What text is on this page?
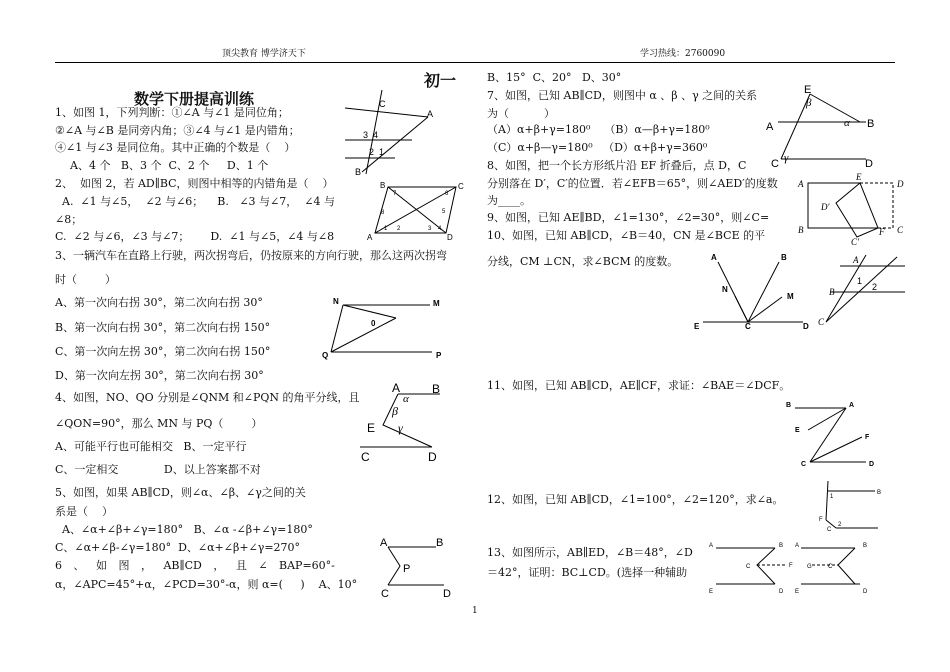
顶尖教育 博学济天下	学习热线：2760090
初一
数学下册提高训练
1、如图 1，下列判断：①∠A 与∠1 是同位角；
②∠A 与∠B 是同旁内角；③∠4 与∠1 是内错角；
④∠1 与∠3 是同位角。其中正确的个数是（    ）
A、4 个   B、3 个  C、2 个     D、1 个
2、  如图 2，若 AD∥BC，则图中相等的内错角是（    ）
A.  ∠1 与∠5，  ∠2 与∠6；    B.   ∠3 与∠7，  ∠4 与
∠8；
C.  ∠2 与∠6，∠3 与∠7；      D.  ∠1 与∠5，∠4 与∠8
3、一辆汽车在直路上行驶，两次拐弯后，仍按原来的方向行驶，那么这两次拐弯
时（        ）
A、第一次向右拐 30°，第二次向右拐 30°
B、第一次向右拐 30°，第二次向右拐 150°
C、第一次向左拐 30°，第二次向右拐 150°
D、第一次向左拐 30°，第二次向右拐 30°
4、如图，NO、QO 分别是∠QNM 和∠PQN 的角平分线，且
∠QON=90°，那么 MN 与 PQ（        ）
A、可能平行也可能相交   B、一定平行
C、一定相交             D、以上答案都不对
5、如图，如果 AB∥CD，则∠α、∠β、∠γ之间的关
系是（    ）
A、∠α+∠β+∠γ=180°   B、∠α -∠β+∠γ=180°
C、∠α+∠β-∠γ=180°  D、∠α+∠β+∠γ=270°
6 、 如 图 ， AB∥CD ， 且 ∠ BAP=60°-
α，∠APC=45°+α，∠PCD=30°-α，则 α=(     )    A、10°
B、15°  C、20°   D、30°
7、如图，已知 AB∥CD，则图中 α 、β 、γ 之间的关系
为（          ）
（A）α+β+γ=180⁰    （B）α—β+γ=180⁰
（C）α+β—γ=180⁰   （D）α+β+γ=360⁰
8、如图，把一个长方形纸片沿 EF 折叠后，点 D，C
分别落在 D′，C′的位置．若∠EFB＝65°，则∠AED′的度数
为____。
9、如图，已知 AE∥BD，∠1=130°，∠2=30°，则∠C=
10、如图，已知 AB∥CD，∠B＝40，CN 是∠BCE 的平
分线，CM ⊥CN，求∠BCM 的度数。
11、如图，已知 AB∥CD，AE∥CF，求证：∠BAE＝∠DCF。
12、如图，已知 AB∥CD，∠1=100°，∠2=120°，求∠a。
13、如图所示，AB∥ED，∠B＝48°，∠D
＝42°，证明：BC⊥CD。(选择一种辅助
1
C
A
3 4
2 1
B
B	C
A	D
7	6
8	5
1 2	3 4
N	M
0
Q	P
A	B
α
β
E γ
C	D
A	B
P
C	D
E
β
A	α B
γ
C	D
A
E
D
D′
B	F C
C′
A	B
N
M
E	C	D
A
B
1
2
C
B	A
E
F
C	D
1
B
F
C
2
A	B
C	F
E	D
A	B
G	C
E	D
